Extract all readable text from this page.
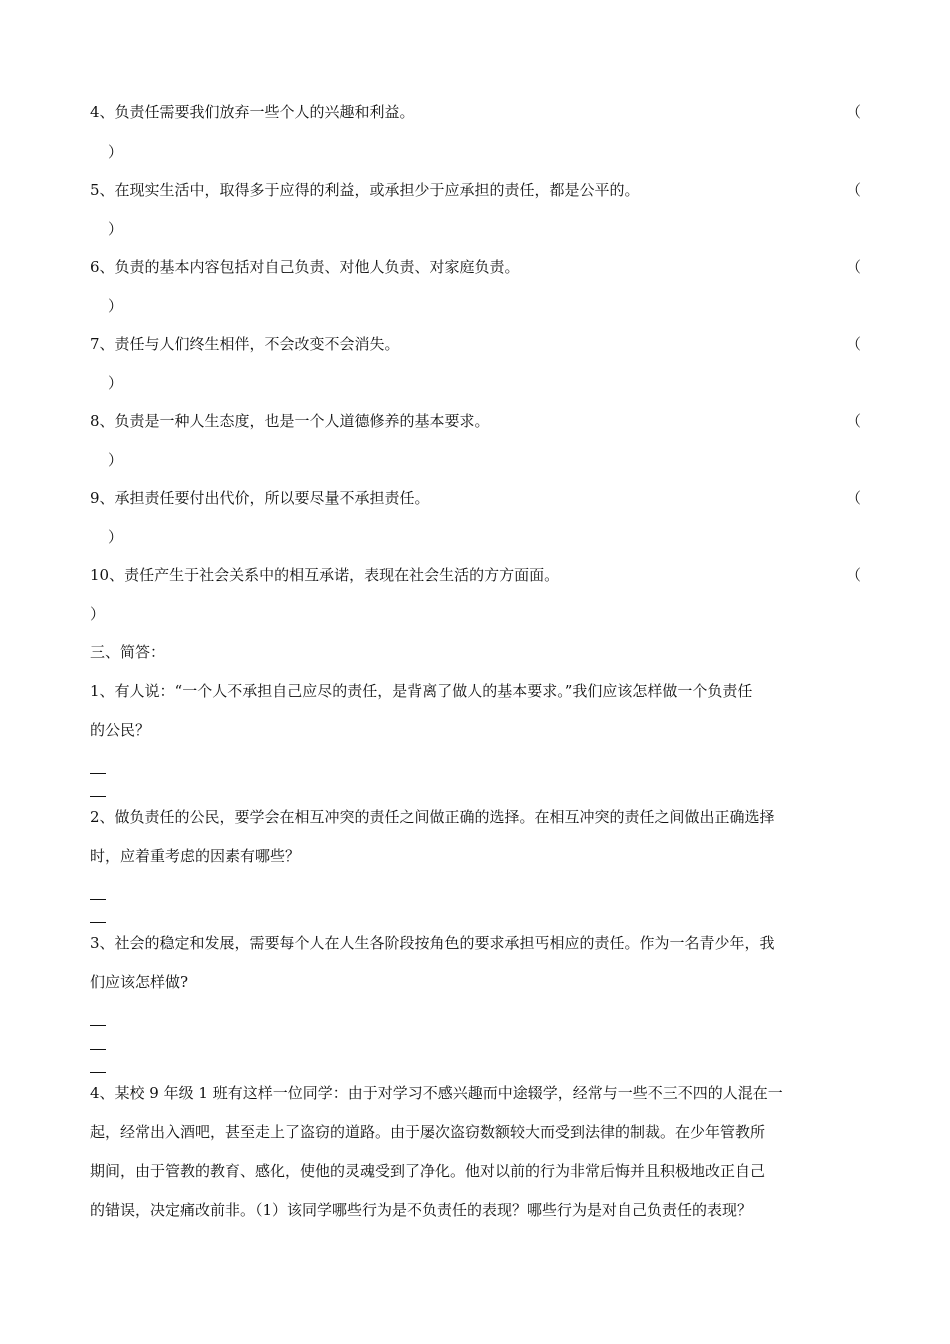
4、负责任需要我们放弃一些个人的兴趣和利益。	（
）
5、在现实生活中，取得多于应得的利益，或承担少于应承担的责任，都是公平的。	（
）
6、负责的基本内容包括对自己负责、对他人负责、对家庭负责。	（
）
7、责任与人们终生相伴，不会改变不会消失。	（
）
8、负责是一种人生态度，也是一个人道德修养的基本要求。	（
）
9、承担责任要付出代价，所以要尽量不承担责任。	（
）
10、责任产生于社会关系中的相互承诺，表现在社会生活的方方面面。	（
）
三、简答：
1、有人说：“一个人不承担自己应尽的责任，是背离了做人的基本要求。”我们应该怎样做一个负责任
的公民？
2、做负责任的公民，要学会在相互冲突的责任之间做正确的选择。在相互冲突的责任之间做出正确选择
时，应着重考虑的因素有哪些？
3、社会的稳定和发展，需要每个人在人生各阶段按角色的要求承担丐相应的责任。作为一名青少年，我
们应该怎样做?
4、某校 9 年级 1 班有这样一位同学：由于对学习不感兴趣而中途辍学，经常与一些不三不四的人混在一
起，经常出入酒吧，甚至走上了盗窃的道路。由于屡次盗窃数额较大而受到法律的制裁。在少年管教所
期间，由于管教的教育、感化，使他的灵魂受到了净化。他对以前的行为非常后悔并且积极地改正自己
的错误，决定痛改前非。（1）该同学哪些行为是不负责任的表现？哪些行为是对自己负责任的表现？
